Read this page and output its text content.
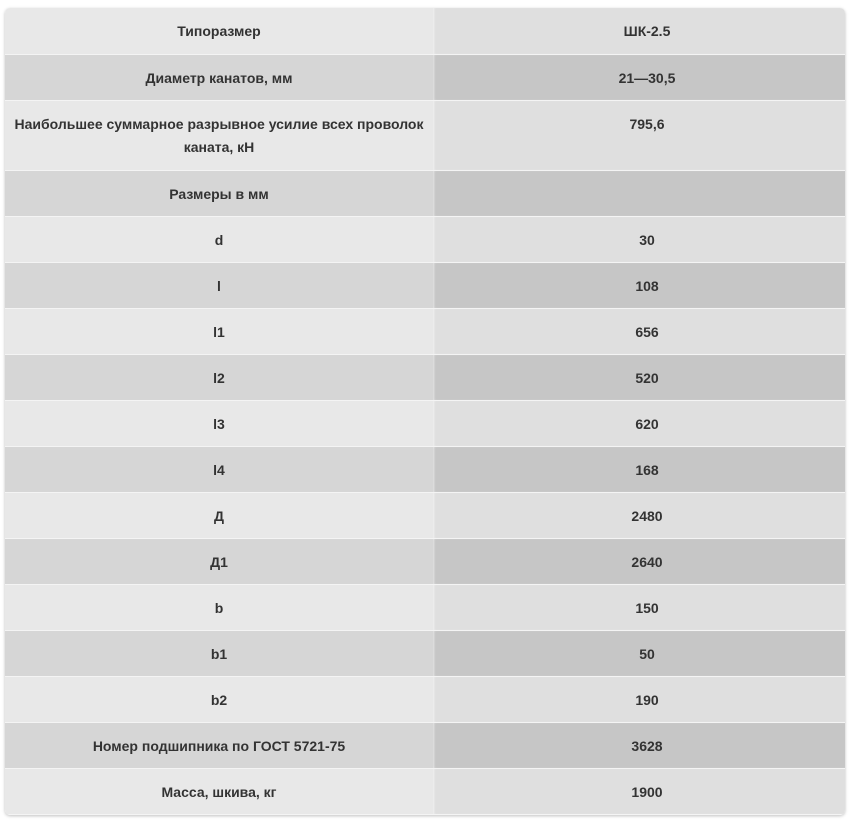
Типоразмер	ШК-2.5
Диаметр канатов, мм	21—30,5
Наибольшее суммарное разрывное усилие всех проволок каната, кН	795,6
Размеры в мм	
d	30
l	108
l1	656
l2	520
l3	620
l4	168
Д	2480
Д1	2640
b	150
b1	50
b2	190
Номер подшипника по ГОСТ 5721-75	3628
Масса, шкива, кг	1900
